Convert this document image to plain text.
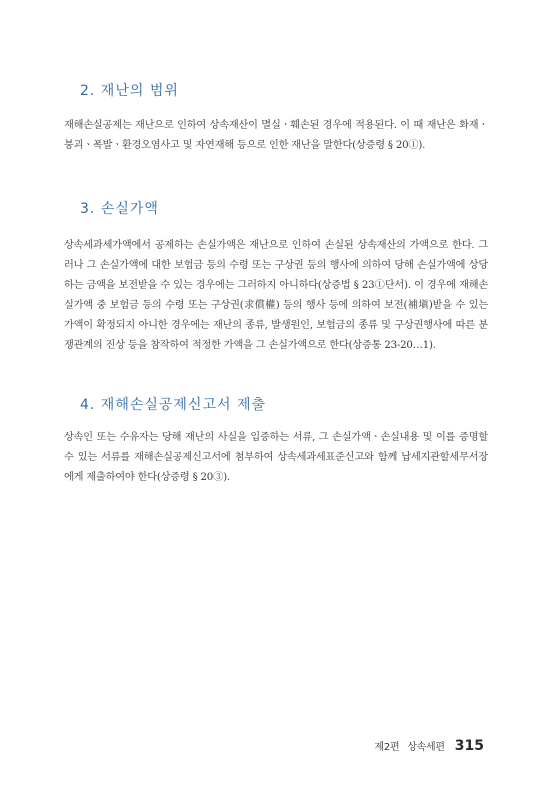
2. 재난의 범위

재해손실공제는 재난으로 인하여 상속재산이 멸실ㆍ훼손된 경우에 적용된다. 이 때 재난은 화재ㆍ붕괴ㆍ폭발ㆍ환경오염사고 및 자연재해 등으로 인한 재난을 말한다(상증령 § 20①).

3. 손실가액

상속세과세가액에서 공제하는 손실가액은 재난으로 인하여 손실된 상속재산의 가액으로 한다. 그러나 그 손실가액에 대한 보험금 등의 수령 또는 구상권 등의 행사에 의하여 당해 손실가액에 상당하는 금액을 보전받을 수 있는 경우에는 그러하지 아니하다(상증법 § 23①단서). 이 경우에 재해손실가액 중 보험금 등의 수령 또는 구상권(求償權) 등의 행사 등에 의하여 보전(補塡)받을 수 있는 가액이 확정되지 아니한 경우에는 재난의 종류, 발생원인, 보험금의 종류 및 구상권행사에 따른 분쟁관계의 진상 등을 참작하여 적정한 가액을 그 손실가액으로 한다(상증통 23-20…1).

4. 재해손실공제신고서 제출

상속인 또는 수유자는 당해 재난의 사실을 입증하는 서류, 그 손실가액ㆍ손실내용 및 이를 증명할 수 있는 서류를 재해손실공제신고서에 첨부하여 상속세과세표준신고와 함께 납세지관할세무서장에게 제출하여야 한다(상증령 § 20③).

제2편 상속세편 315
